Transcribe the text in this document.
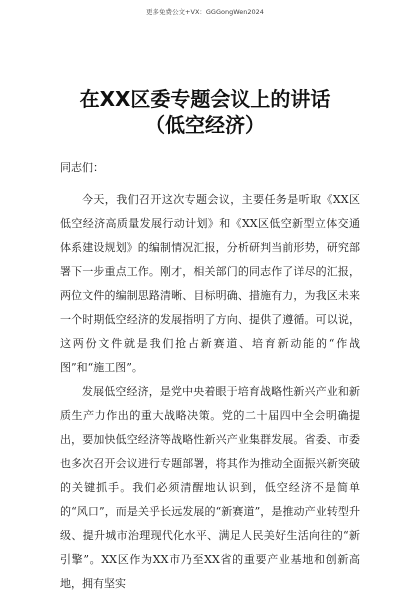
更多免费公文+VX：GGGongWen2024
在XX区委专题会议上的讲话（低空经济）

同志们：

今天，我们召开这次专题会议，主要任务是听取《XX区低空经济高质量发展行动计划》和《XX区低空新型立体交通体系建设规划》的编制情况汇报，分析研判当前形势，研究部署下一步重点工作。刚才，相关部门的同志作了详尽的汇报，两位文件的编制思路清晰、目标明确、措施有力，为我区未来一个时期低空经济的发展指明了方向、提供了遵循。可以说，这两份文件就是我们抢占新赛道、培育新动能的“作战图”和“施工图”。

发展低空经济，是党中央着眼于培育战略性新兴产业和新质生产力作出的重大战略决策。党的二十届四中全会明确提出，要加快低空经济等战略性新兴产业集群发展。省委、市委也多次召开会议进行专题部署，将其作为推动全面振兴新突破的关键抓手。我们必须清醒地认识到，低空经济不是简单的“风口”，而是关乎长远发展的“新赛道”，是推动产业转型升级、提升城市治理现代化水平、满足人民美好生活向往的“新引擎”。XX区作为XX市乃至XX省的重要产业基地和创新高地，拥有坚实
